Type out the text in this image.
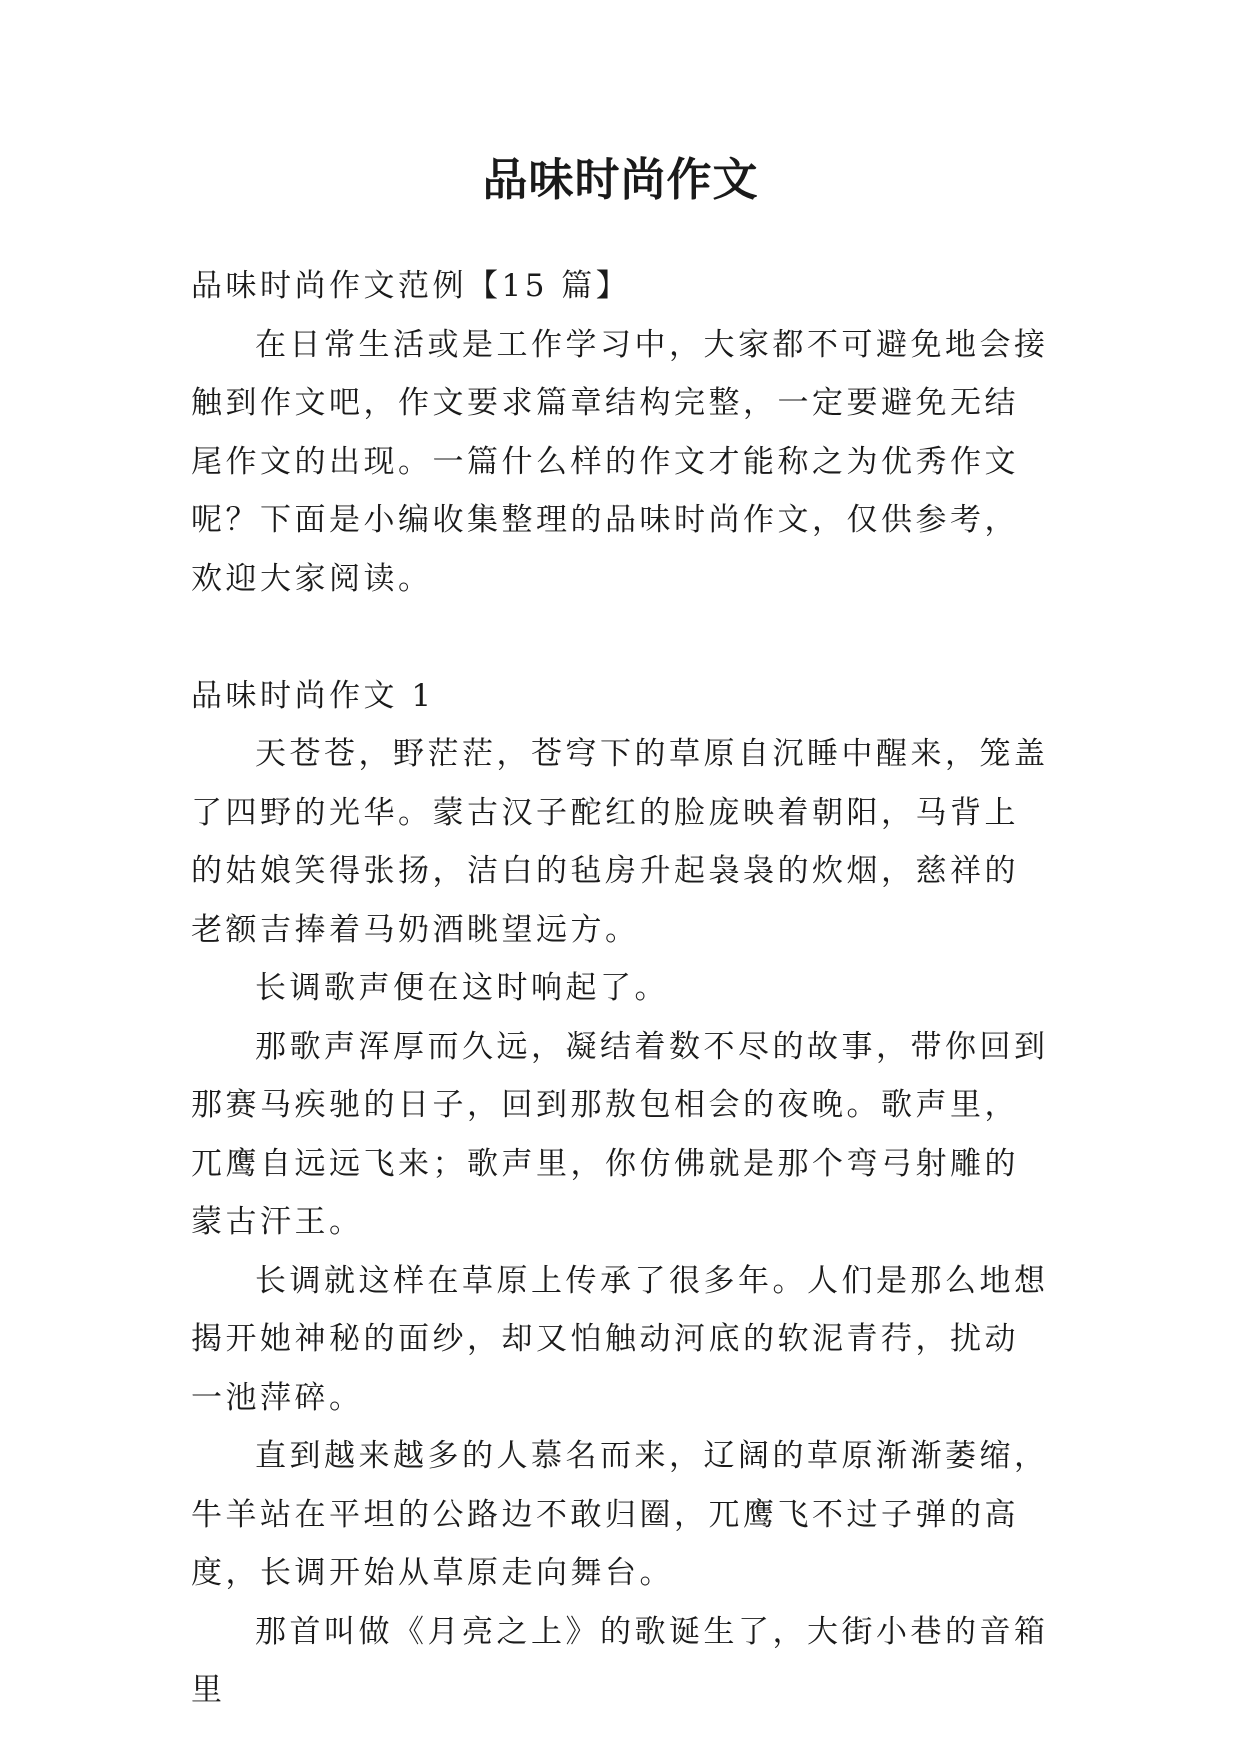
品味时尚作文

品味时尚作文范例【15 篇】

在日常生活或是工作学习中，大家都不可避免地会接触到作文吧，作文要求篇章结构完整，一定要避免无结尾作文的出现。一篇什么样的作文才能称之为优秀作文呢？下面是小编收集整理的品味时尚作文，仅供参考，欢迎大家阅读。

品味时尚作文 1

天苍苍，野茫茫，苍穹下的草原自沉睡中醒来，笼盖了四野的光华。蒙古汉子酡红的脸庞映着朝阳，马背上的姑娘笑得张扬，洁白的毡房升起袅袅的炊烟，慈祥的老额吉捧着马奶酒眺望远方。

长调歌声便在这时响起了。

那歌声浑厚而久远，凝结着数不尽的故事，带你回到那赛马疾驰的日子，回到那敖包相会的夜晚。歌声里，兀鹰自远远飞来；歌声里，你仿佛就是那个弯弓射雕的蒙古汗王。

长调就这样在草原上传承了很多年。人们是那么地想揭开她神秘的面纱，却又怕触动河底的软泥青荇，扰动一池萍碎。

直到越来越多的人慕名而来，辽阔的草原渐渐萎缩，牛羊站在平坦的公路边不敢归圈，兀鹰飞不过子弹的高度，长调开始从草原走向舞台。

那首叫做《月亮之上》的歌诞生了，大街小巷的音箱里
